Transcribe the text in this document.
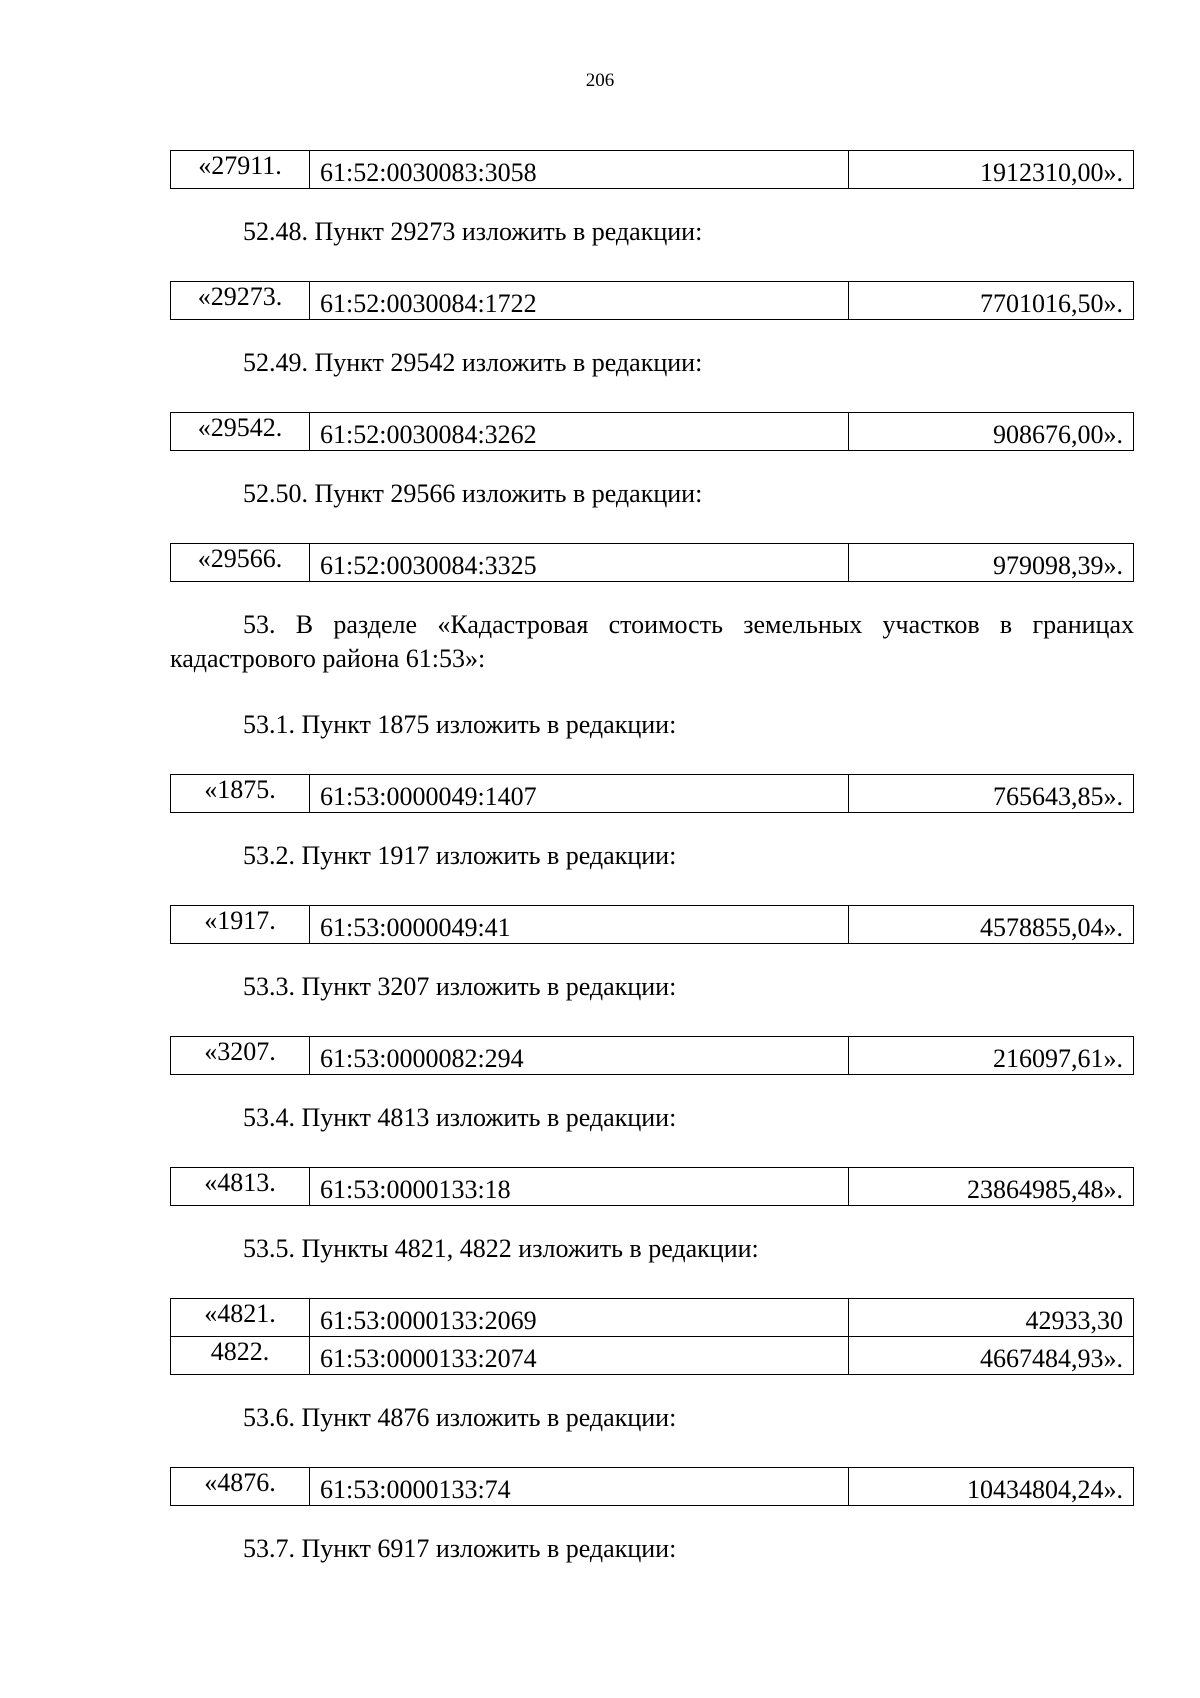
206
«27911.	61:52:0030083:3058	1912310,00».

52.48. Пункт 29273 изложить в редакции:

«29273.	61:52:0030084:1722	7701016,50».

52.49. Пункт 29542 изложить в редакции:

«29542.	61:52:0030084:3262	908676,00».

52.50. Пункт 29566 изложить в редакции:

«29566.	61:52:0030084:3325	979098,39».

53. В разделе «Кадастровая стоимость земельных участков в границах кадастрового района 61:53»:

53.1. Пункт 1875 изложить в редакции:

«1875.	61:53:0000049:1407	765643,85».

53.2. Пункт 1917 изложить в редакции:

«1917.	61:53:0000049:41	4578855,04».

53.3. Пункт 3207 изложить в редакции:

«3207.	61:53:0000082:294	216097,61».

53.4. Пункт 4813 изложить в редакции:

«4813.	61:53:0000133:18	23864985,48».

53.5. Пункты 4821, 4822 изложить в редакции:

«4821.	61:53:0000133:2069	42933,30
4822.	61:53:0000133:2074	4667484,93».

53.6. Пункт 4876 изложить в редакции:

«4876.	61:53:0000133:74	10434804,24».

53.7. Пункт 6917 изложить в редакции:
